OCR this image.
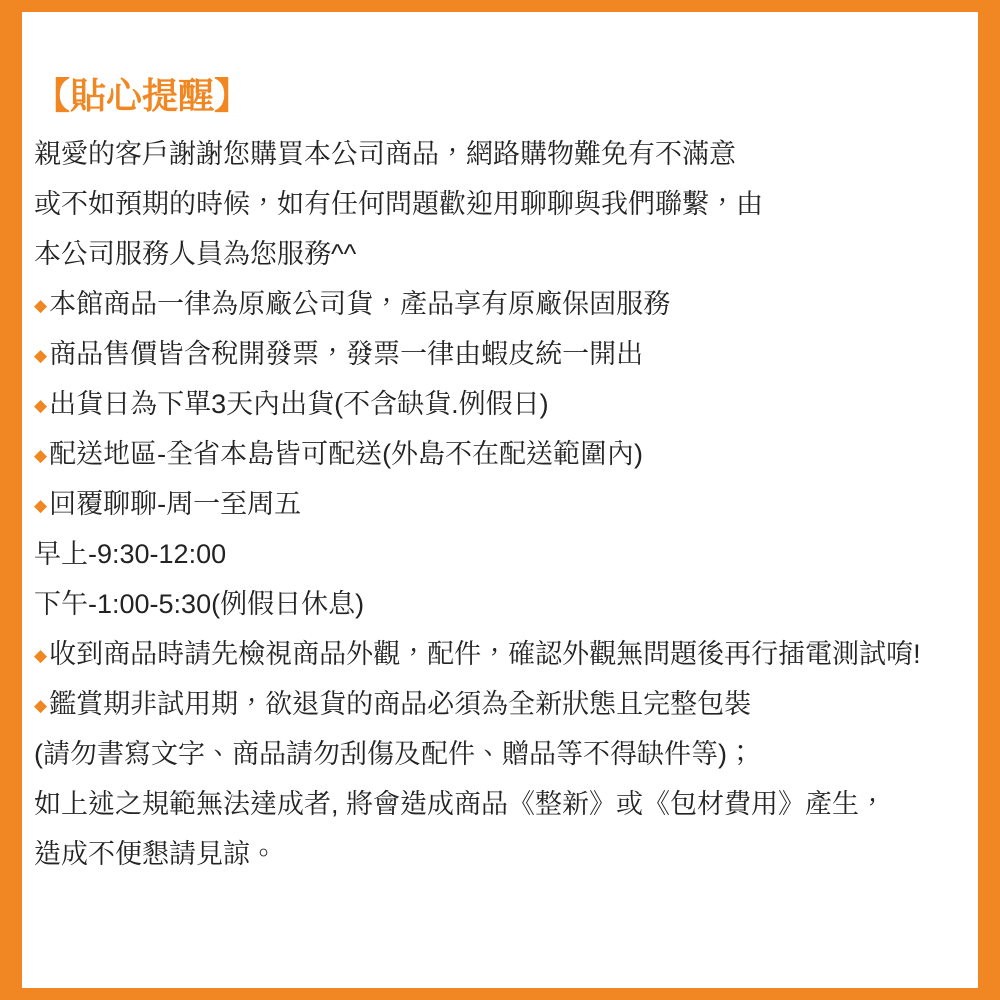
【貼心提醒】
親愛的客戶謝謝您購買本公司商品，網路購物難免有不滿意
或不如預期的時候，如有任何問題歡迎用聊聊與我們聯繫，由
本公司服務人員為您服務^^
◆ 本館商品一律為原廠公司貨，產品享有原廠保固服務
◆ 商品售價皆含稅開發票，發票一律由蝦皮統一開出
◆ 出貨日為下單3天內出貨(不含缺貨.例假日)
◆ 配送地區-全省本島皆可配送(外島不在配送範圍內)
◆ 回覆聊聊-周一至周五
早上-9:30-12:00
下午-1:00-5:30(例假日休息)
◆ 收到商品時請先檢視商品外觀，配件，確認外觀無問題後再行插電測試唷!
◆ 鑑賞期非試用期，欲退貨的商品必須為全新狀態且完整包裝
(請勿書寫文字、商品請勿刮傷及配件、贈品等不得缺件等)；
如上述之規範無法達成者, 將會造成商品《整新》或《包材費用》產生，
造成不便懇請見諒。
